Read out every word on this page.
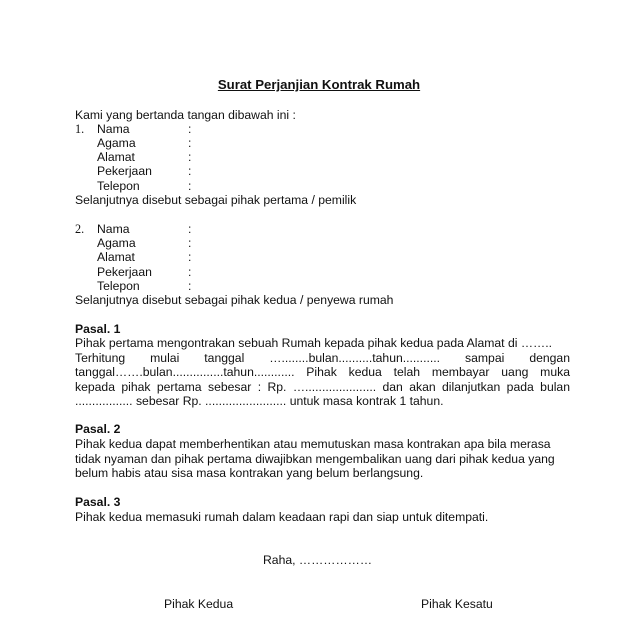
Surat Perjanjian Kontrak Rumah
Kami yang bertanda tangan dibawah ini :
1. Nama	:
Agama	:
Alamat	:
Pekerjaan	:
Telepon	:
Selanjutnya disebut sebagai pihak pertama / pemilik
2. Nama	:
Agama	:
Alamat	:
Pekerjaan	:
Telepon	:
Selanjutnya disebut sebagai pihak kedua / penyewa rumah
Pasal. 1
Pihak pertama mengontrakan sebuah Rumah kepada pihak kedua pada Alamat di ……..
Terhitung mulai tanggal …........bulan..........tahun........... sampai dengan
tanggal…….bulan...............tahun............ Pihak kedua telah membayar uang muka
kepada pihak pertama sebesar : Rp. …..................... dan akan dilanjutkan pada bulan
................. sebesar Rp. ........................ untuk masa kontrak 1 tahun.
Pasal. 2
Pihak kedua dapat memberhentikan atau memutuskan masa kontrakan apa bila merasa
tidak nyaman dan pihak pertama diwajibkan mengembalikan uang dari pihak kedua yang
belum habis atau sisa masa kontrakan yang belum berlangsung.
Pasal. 3
Pihak kedua memasuki rumah dalam keadaan rapi dan siap untuk ditempati.
Raha, ………………
Pihak Kedua	Pihak Kesatu
